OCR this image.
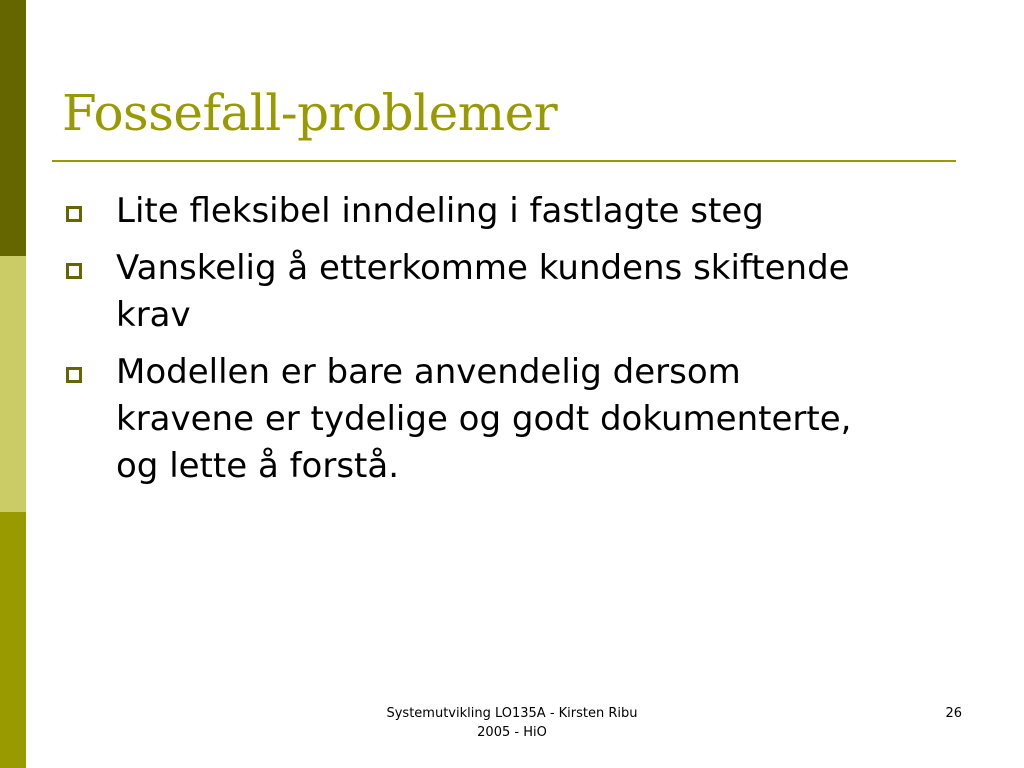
Fossefall-problemer
Lite fleksibel inndeling i fastlagte steg
Vanskelig å etterkomme kundens skiftende krav
Modellen er bare anvendelig dersom kravene er tydelige og godt dokumenterte, og lette å forstå.
Systemutvikling LO135A - Kirsten Ribu
2005 - HiO
26
